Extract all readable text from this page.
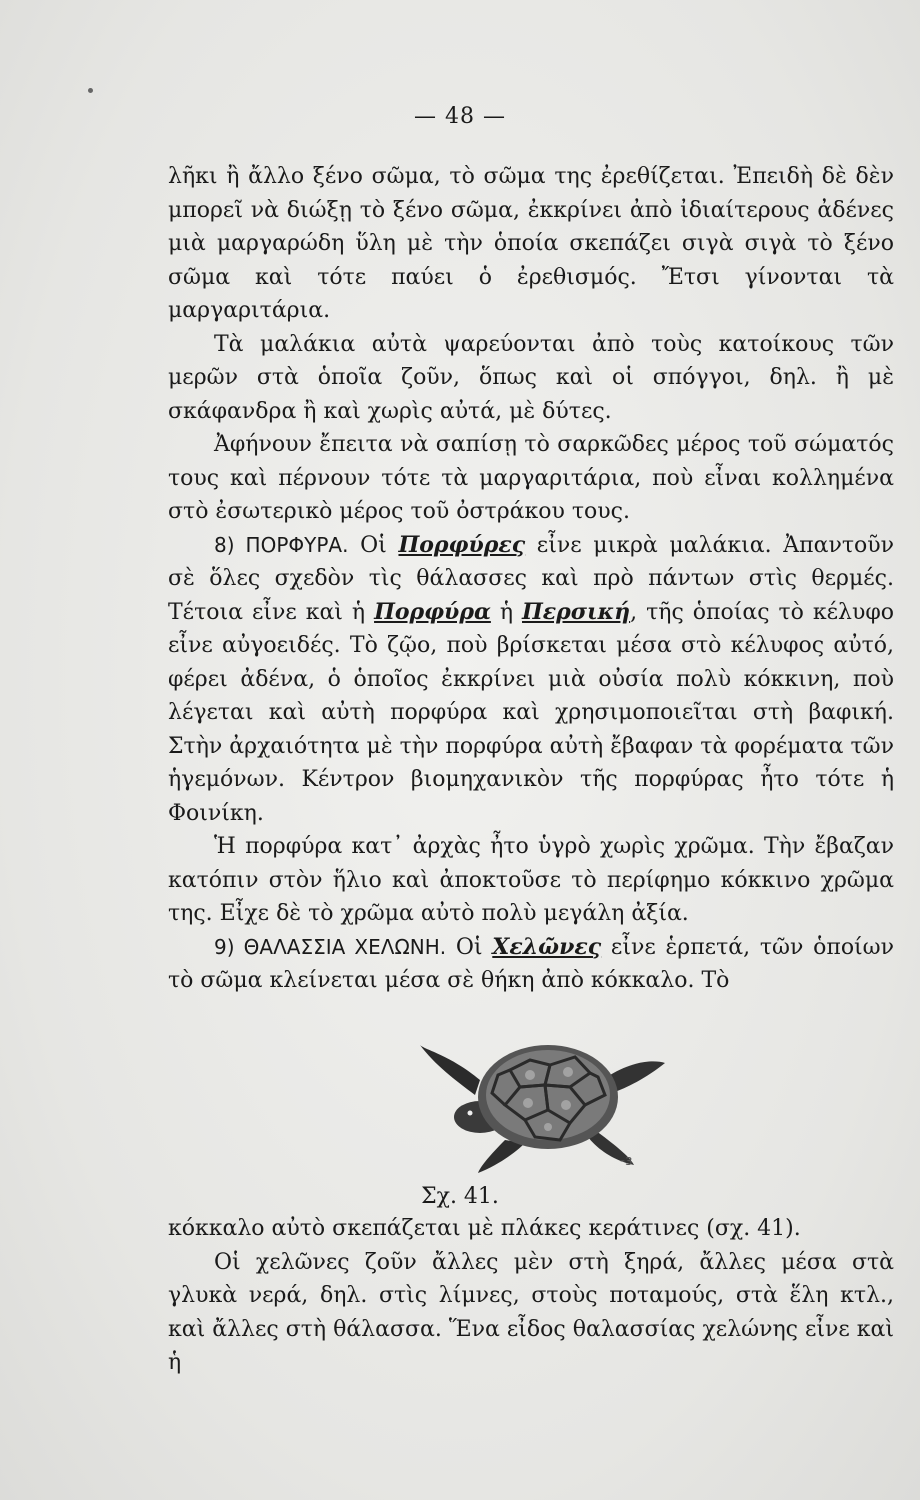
— 48 —

λῆκι ἢ ἄλλο ξένο σῶμα, τὸ σῶμα της ἐρεθίζεται. Ἐπειδὴ δὲ δὲν μπορεῖ νὰ διώξῃ τὸ ξένο σῶμα, ἐκκρίνει ἀπὸ ἰδιαίτερους ἀδένες μιὰ μαργαρώδη ὕλη μὲ τὴν ὁποία σκεπάζει σιγὰ σιγὰ τὸ ξένο σῶμα καὶ τότε παύει ὁ ἐρεθισμός. Ἔτσι γίνονται τὰ μαργαριτάρια.

Τὰ μαλάκια αὐτὰ ψαρεύονται ἀπὸ τοὺς κατοίκους τῶν μερῶν στὰ ὁποῖα ζοῦν, ὅπως καὶ οἱ σπόγγοι, δηλ. ἢ μὲ σκάφανδρα ἢ καὶ χωρὶς αὐτά, μὲ δύτες.

Ἀφήνουν ἔπειτα νὰ σαπίσῃ τὸ σαρκῶδες μέρος τοῦ σώματός τους καὶ πέρνουν τότε τὰ μαργαριτάρια, ποὺ εἶναι κολλημένα στὸ ἐσωτερικὸ μέρος τοῦ ὀστράκου τους.

8) ΠΟΡΦΥΡΑ. Οἱ Πορφύρες εἶνε μικρὰ μαλάκια. Ἀπαντοῦν σὲ ὅλες σχεδὸν τὶς θάλασσες καὶ πρὸ πάντων στὶς θερμές. Τέτοια εἶνε καὶ ἡ Πορφύρα ἡ Περσική, τῆς ὁποίας τὸ κέλυφο εἶνε αὐγοειδές. Τὸ ζῷο, ποὺ βρίσκεται μέσα στὸ κέλυφος αὐτό, φέρει ἀδένα, ὁ ὁποῖος ἐκκρίνει μιὰ οὐσία πολὺ κόκκινη, ποὺ λέγεται καὶ αὐτὴ πορφύρα καὶ χρησιμοποιεῖται στὴ βαφική. Στὴν ἀρχαιότητα μὲ τὴν πορφύρα αὐτὴ ἔβαφαν τὰ φορέματα τῶν ἡγεμόνων. Κέντρον βιομηχανικὸν τῆς πορφύρας ἦτο τότε ἡ Φοινίκη.

Ἡ πορφύρα κατ᾽ ἀρχὰς ἦτο ὑγρὸ χωρὶς χρῶμα. Τὴν ἔβαζαν κατόπιν στὸν ἥλιο καὶ ἀποκτοῦσε τὸ περίφημο κόκκινο χρῶμα της. Εἶχε δὲ τὸ χρῶμα αὐτὸ πολὺ μεγάλη ἀξία.

9) ΘΑΛΑΣΣΙΑ ΧΕΛΩΝΗ. Οἱ Χελῶνες εἶνε ἑρπετά, τῶν ὁποίων τὸ σῶμα κλείνεται μέσα σὲ θήκη ἀπὸ κόκκαλο. Τὸ

-ɜ
Σχ. 41.

κόκκαλο αὐτὸ σκεπάζεται μὲ πλάκες κεράτινες (σχ. 41).

Οἱ χελῶνες ζοῦν ἄλλες μὲν στὴ ξηρά, ἄλλες μέσα στὰ γλυκὰ νερά, δηλ. στὶς λίμνες, στοὺς ποταμούς, στὰ ἕλη κτλ., καὶ ἄλλες στὴ θάλασσα. Ἕνα εἶδος θαλασσίας χελώνης εἶνε καὶ ἡ
